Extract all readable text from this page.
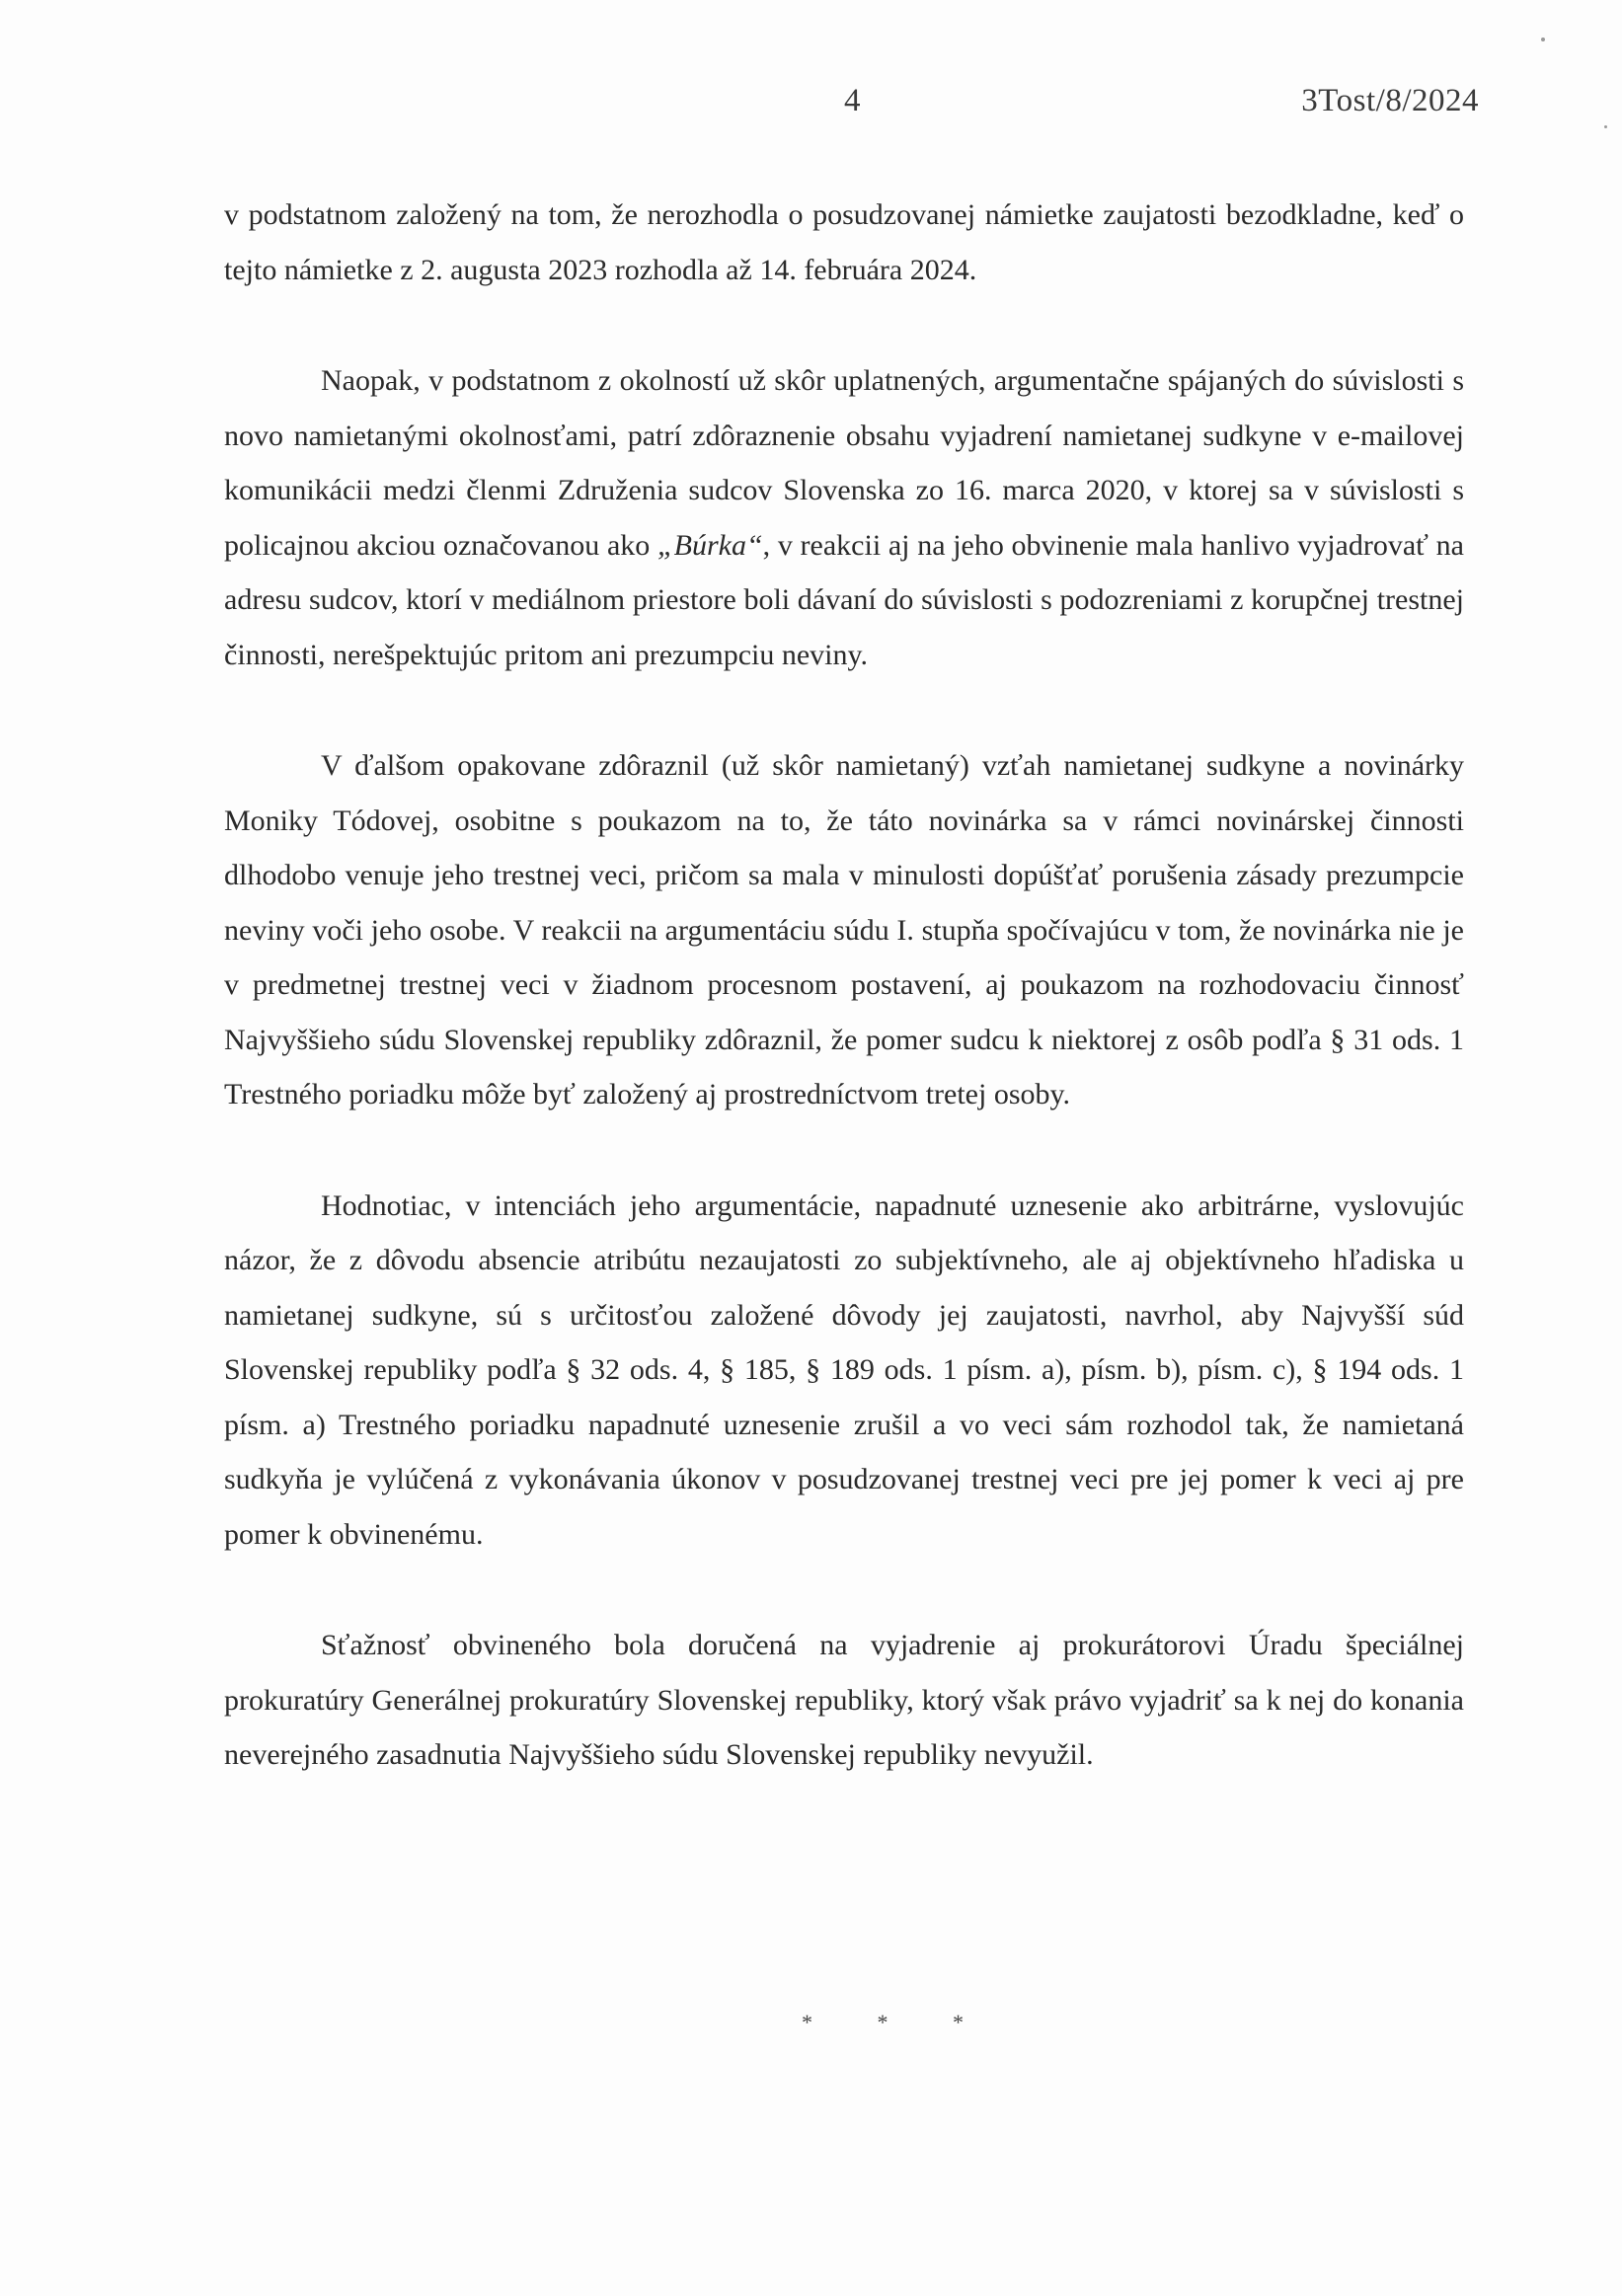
4	3Tost/8/2024

v podstatnom založený na tom, že nerozhodla o posudzovanej námietke zaujatosti bezodkladne, keď o tejto námietke z 2. augusta 2023 rozhodla až 14. februára 2024.

Naopak, v podstatnom z okolností už skôr uplatnených, argumentačne spájaných do súvislosti s novo namietanými okolnosťami, patrí zdôraznenie obsahu vyjadrení namietanej sudkyne v e-mailovej komunikácii medzi členmi Združenia sudcov Slovenska zo 16. marca 2020, v ktorej sa v súvislosti s policajnou akciou označovanou ako „Búrka“, v reakcii aj na jeho obvinenie mala hanlivo vyjadrovať na adresu sudcov, ktorí v mediálnom priestore boli dávaní do súvislosti s podozreniami z korupčnej trestnej činnosti, nerešpektujúc pritom ani prezumpciu neviny.

V ďalšom opakovane zdôraznil (už skôr namietaný) vzťah namietanej sudkyne a novinárky Moniky Tódovej, osobitne s poukazom na to, že táto novinárka sa v rámci novinárskej činnosti dlhodobo venuje jeho trestnej veci, pričom sa mala v minulosti dopúšťať porušenia zásady prezumpcie neviny voči jeho osobe. V reakcii na argumentáciu súdu I. stupňa spočívajúcu v tom, že novinárka nie je v predmetnej trestnej veci v žiadnom procesnom postavení, aj poukazom na rozhodovaciu činnosť Najvyššieho súdu Slovenskej republiky zdôraznil, že pomer sudcu k niektorej z osôb podľa § 31 ods. 1 Trestného poriadku môže byť založený aj prostredníctvom tretej osoby.

Hodnotiac, v intenciách jeho argumentácie, napadnuté uznesenie ako arbitrárne, vyslovujúc názor, že z dôvodu absencie atribútu nezaujatosti zo subjektívneho, ale aj objektívneho hľadiska u namietanej sudkyne, sú s určitosťou založené dôvody jej zaujatosti, navrhol, aby Najvyšší súd Slovenskej republiky podľa § 32 ods. 4, § 185, § 189 ods. 1 písm. a), písm. b), písm. c), § 194 ods. 1 písm. a) Trestného poriadku napadnuté uznesenie zrušil a vo veci sám rozhodol tak, že namietaná sudkyňa je vylúčená z vykonávania úkonov v posudzovanej trestnej veci pre jej pomer k veci aj pre pomer k obvinenému.

Sťažnosť obvineného bola doručená na vyjadrenie aj prokurátorovi Úradu špeciálnej prokuratúry Generálnej prokuratúry Slovenskej republiky, ktorý však právo vyjadriť sa k nej do konania neverejného zasadnutia Najvyššieho súdu Slovenskej republiky nevyužil.

* * *
